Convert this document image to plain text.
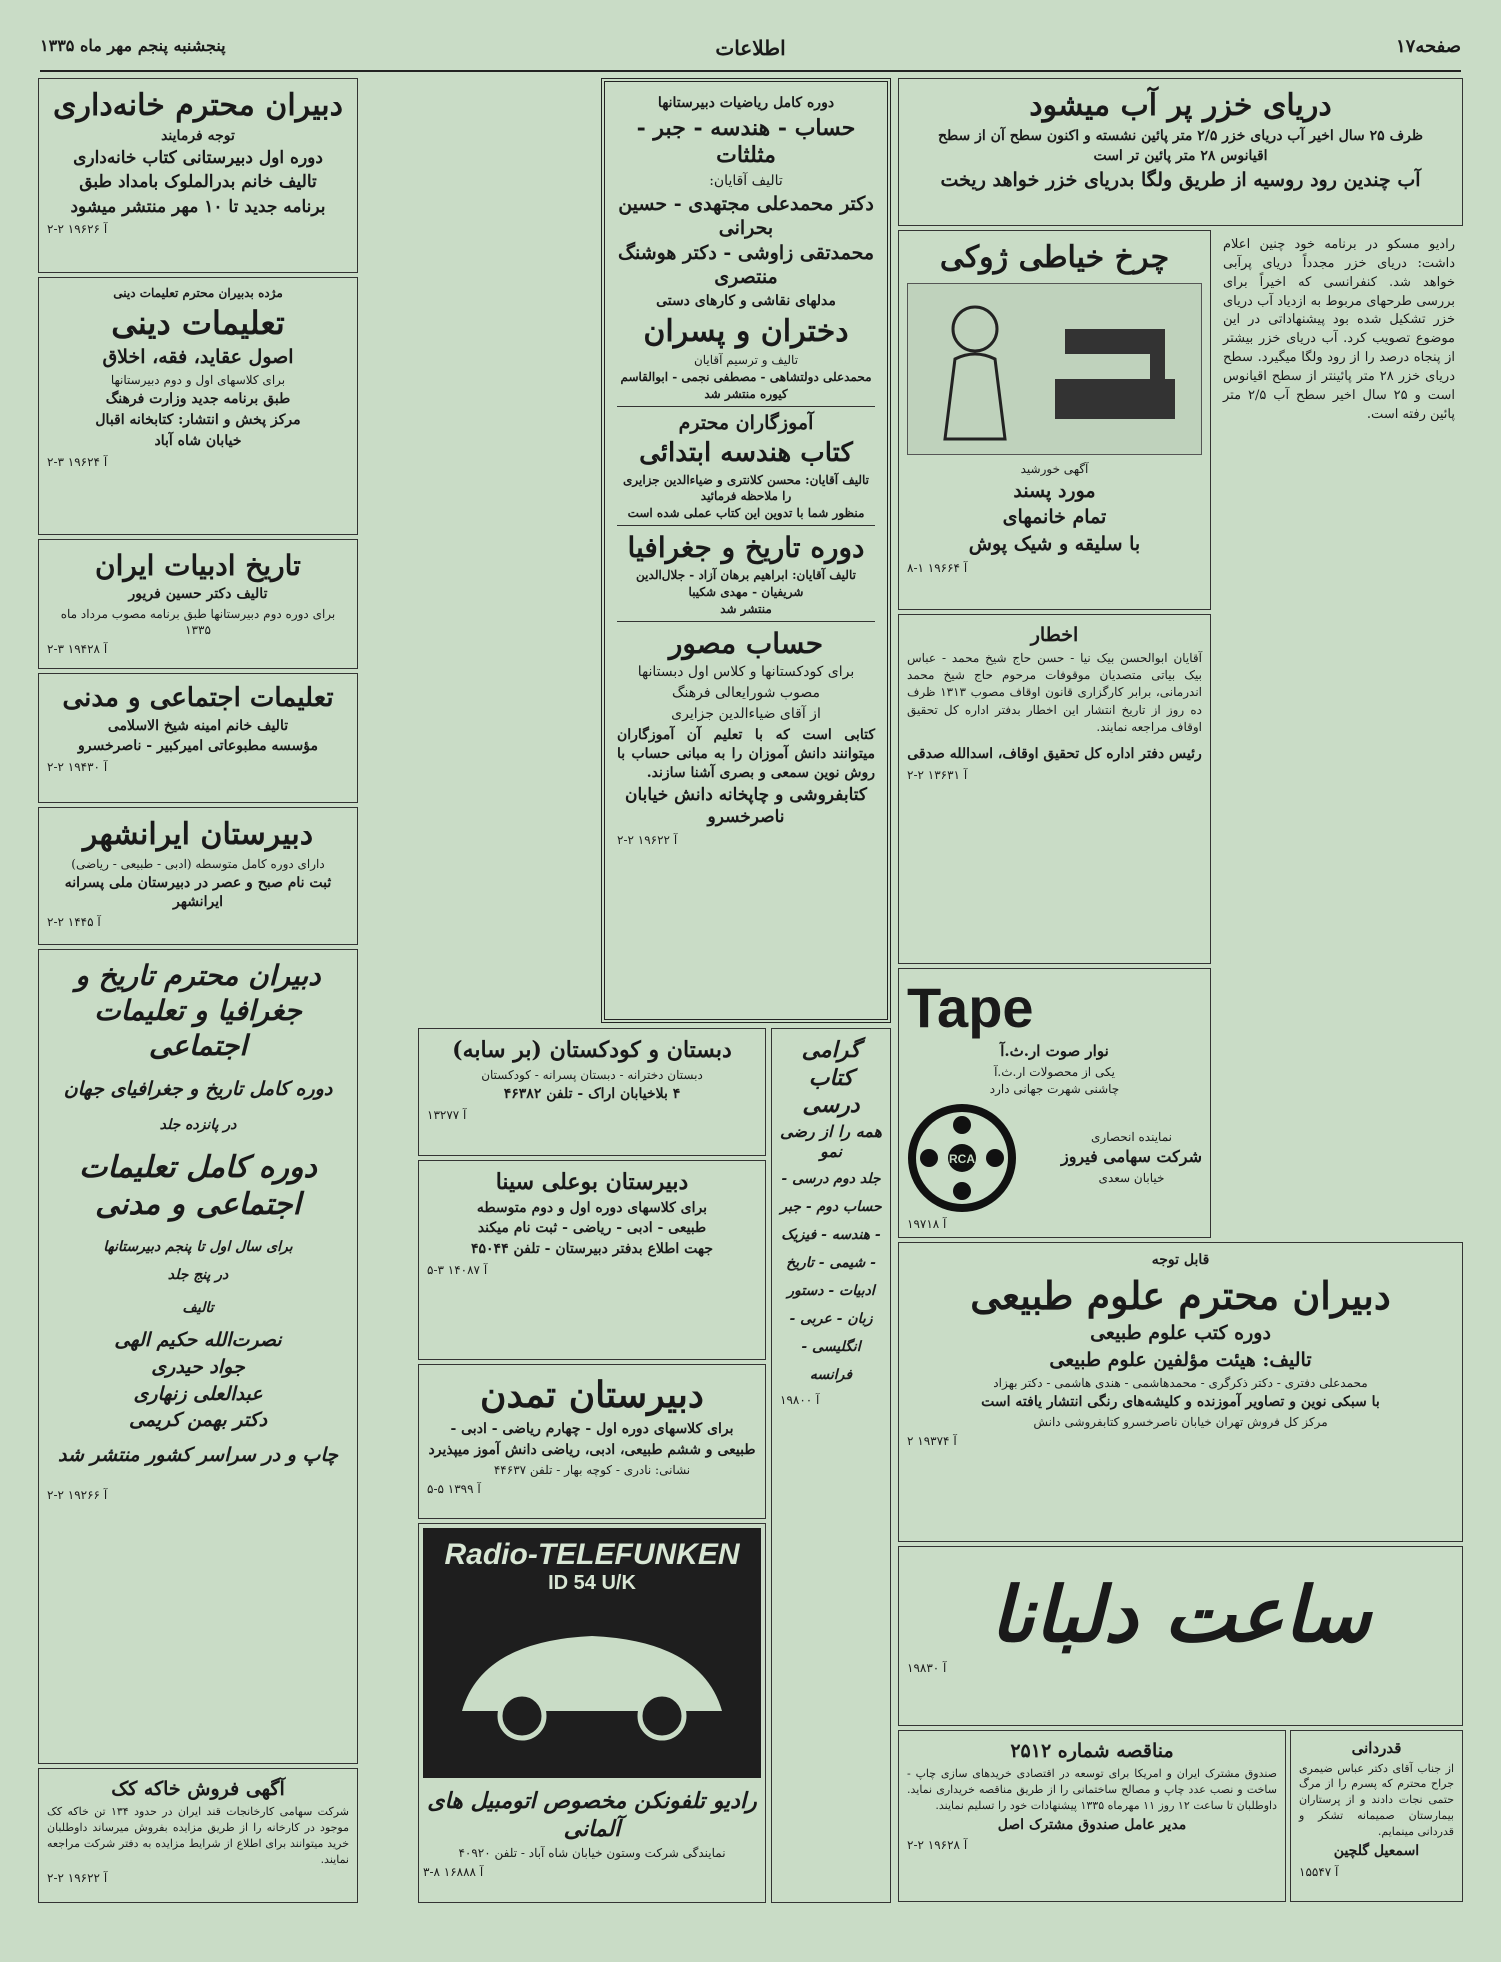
صفحه۱۷
اطلاعات
پنجشنبه پنجم مهر ماه ۱۳۳۵
دریای خزر پر آب میشود
ظرف ۲۵ سال اخیر آب دریای خزر ۲/۵ متر پائین نشسته و اکنون سطح آن از سطح
اقیانوس ۲۸ متر پائین تر است
آب چندین رود روسیه از طریق ولگا بدریای خزر خواهد ریخت
چرخ خیاطی ژوکی
آگهی خورشید
مورد پسند
تمام خانمهای
با سلیقه و شیک پوش
۸-۱ آ ۱۹۶۶۴
رادیو مسکو در برنامه خود چنین اعلام داشت: دریای خزر مجدداً دریای پرآبی خواهد شد. کنفرانسی که اخیراً برای بررسی طرحهای مربوط به ازدیاد آب دریای خزر تشکیل شده بود پیشنهاداتی در این موضوع تصویب کرد. آب دریای خزر بیشتر از پنجاه درصد را از رود ولگا میگیرد. سطح دریای خزر ۲۸ متر پائینتر از سطح اقیانوس است و ۲۵ سال اخیر سطح آب ۲/۵ متر پائین رفته است.
اخطار
آقایان ابوالحسن بیک نیا - حسن حاج شیخ محمد - عباس بیک بیاتی متصدیان موقوفات مرحوم حاج شیخ محمد اندرمانی، برابر کارگزاری قانون اوقاف مصوب ۱۳۱۳ ظرف ده روز از تاریخ انتشار این اخطار بدفتر اداره کل تحقیق اوقاف مراجعه نمایند.
رئیس دفتر اداره کل تحقیق اوقاف، اسدالله صدقی
۲-۲ آ ۱۳۶۳۱
Tape
نوار صوت ار.ث.آ
یکی از محصولات ار.ث.آ
چاشنی شهرت جهانی دارد
نماینده انحصاری
شرکت سهامی فیروز
خیابان سعدی
RCA
آ ۱۹۷۱۸
قابل توجه
دبیران محترم علوم طبیعی
دوره کتب علوم طبیعی
تالیف: هیئت مؤلفین علوم طبیعی
محمدعلی دفتری - دکتر ذکرگری - محمدهاشمی - هندی هاشمی - دکتر بهزاد
با سبکی نوین و تصاویر آموزنده و کلیشه‌های رنگی انتشار یافته است
مرکز کل فروش تهران خیابان ناصرخسرو کتابفروشی دانش
۲ آ ۱۹۳۷۴
ساعت دلبانا
آ ۱۹۸۳۰
مناقصه شماره ۲۵۱۲
صندوق مشترک ایران و امریکا برای توسعه در اقتصادی خریدهای سازی چاپ - ساخت و نصب عدد چاپ و مصالح ساختمانی را از طریق مناقصه خریداری نماید. داوطلبان تا ساعت ۱۲ روز ۱۱ مهرماه ۱۳۳۵ پیشنهادات خود را تسلیم نمایند.
مدیر عامل صندوق مشترک اصل
۲-۲ آ ۱۹۶۲۸
قدردانی
از جناب آقای دکتر عباس ضیمری جراح محترم که پسرم را از مرگ حتمی نجات دادند و از پرستاران بیمارستان صمیمانه تشکر و قدردانی مینمایم.
اسمعیل گلچین
آ ۱۵۵۴۷
دوره کامل ریاضیات دبیرستانها
حساب - هندسه - جبر - مثلثات
تالیف آقایان:
دکتر محمدعلی مجتهدی - حسین بحرانی
محمدتقی زاوشی - دکتر هوشنگ منتصری
مدلهای نقاشی و کارهای دستی
دختران و پسران
تالیف و ترسیم آقایان
محمدعلی دولتشاهی - مصطفی نجمی - ابوالقاسم کیوره منتشر شد
آموزگاران محترم
کتاب هندسه ابتدائی
تالیف آقایان: محسن کلانتری و ضیاءالدین جزایری را ملاحظه فرمائید
منظور شما با تدوین این کتاب عملی شده است
دوره تاریخ و جغرافیا
تالیف آقایان: ابراهیم برهان آزاد - جلال‌الدین شریفیان - مهدی شکیبا
منتشر شد
حساب مصور
برای کودکستانها و کلاس اول دبستانها
مصوب شورایعالی فرهنگ
از آقای ضیاءالدین جزایری
کتابی است که با تعلیم آن آموزگاران میتوانند دانش آموزان را به مبانی حساب با روش نوین سمعی و بصری آشنا سازند.
کتابفروشی و چاپخانه دانش خیابان ناصرخسرو
۲-۲ آ ۱۹۶۲۲
دبستان و کودکستان (بر سابه)
دبستان دخترانه - دبستان پسرانه - کودکستان
۴ بلاخیابان اراک - تلفن ۴۶۳۸۲
آ ۱۳۲۷۷
دبیرستان بوعلی سینا
برای کلاسهای دوره اول و دوم متوسطه
طبیعی - ادبی - ریاضی - ثبت نام میکند
جهت اطلاع بدفتر دبیرستان - تلفن ۴۵۰۴۴
۵-۳ آ ۱۴۰۸۷
دبیرستان تمدن
برای کلاسهای دوره اول - چهارم ریاضی - ادبی -
طبیعی و ششم طبیعی، ادبی، ریاضی دانش آموز میپذیرد
نشانی: نادری - کوچه بهار - تلفن ۴۴۶۳۷
۵-۵ آ ۱۳۹۹
Radio-TELEFUNKEN
ID 54 U/K
رادیو تلفونکن مخصوص اتومبیل های آلمانی
نمایندگی شرکت وستون خیابان شاه آباد - تلفن ۴۰۹۲۰
۳-۸ آ ۱۶۸۸۸
گرامی کتاب درسی
همه را از رضی نمو
جلد دوم درسی - حساب دوم - جبر - هندسه - فیزیک - شیمی - تاریخ ادبیات - دستور زبان - عربی - انگلیسی - فرانسه
آ ۱۹۸۰۰
دبیران محترم خانه‌داری
توجه فرمایند
دوره اول دبیرستانی کتاب خانه‌داری
تالیف خانم بدرالملوک بامداد طبق
برنامه جدید تا ۱۰ مهر منتشر میشود
۲-۲ آ ۱۹۶۲۶
مژده بدبیران محترم تعلیمات دینی
تعلیمات دینی
اصول عقاید، فقه، اخلاق
برای کلاسهای اول و دوم دبیرستانها
طبق برنامه جدید وزارت فرهنگ
مرکز پخش و انتشار: کتابخانه اقبال
خیابان شاه آباد
۲-۳ آ ۱۹۶۲۴
تاریخ ادبیات ایران
تالیف دکتر حسین فریور
برای دوره دوم دبیرستانها طبق برنامه مصوب مرداد ماه ۱۳۳۵
۲-۳ آ ۱۹۴۲۸
تعلیمات اجتماعی و مدنی
تالیف خانم امینه شیخ الاسلامی
مؤسسه مطبوعاتی امیرکبیر - ناصرخسرو
۲-۲ آ ۱۹۴۳۰
دبیرستان ایرانشهر
دارای دوره کامل متوسطه (ادبی - طبیعی - ریاضی)
ثبت نام صبح و عصر در دبیرستان ملی پسرانه ایرانشهر
۲-۲ آ ۱۴۴۵
دبیران محترم تاریخ و جغرافیا و تعلیمات اجتماعی
دوره کامل تاریخ و جغرافیای جهان
در پانزده جلد
دوره کامل تعلیمات اجتماعی و مدنی
برای سال اول تا پنجم دبیرستانها
در پنج جلد
تالیف
نصرت‌الله حکیم الهی
جواد حیدری
عبدالعلی زنهاری
دکتر بهمن کریمی
چاپ و در سراسر کشور منتشر شد
۲-۲ آ ۱۹۲۶۶
آگهی فروش خاکه کک
شرکت سهامی کارخانجات قند ایران در حدود ۱۳۴ تن خاکه کک موجود در کارخانه را از طریق مزایده بفروش میرساند داوطلبان خرید میتوانند برای اطلاع از شرایط مزایده به دفتر شرکت مراجعه نمایند.
۲-۲ آ ۱۹۶۲۲
